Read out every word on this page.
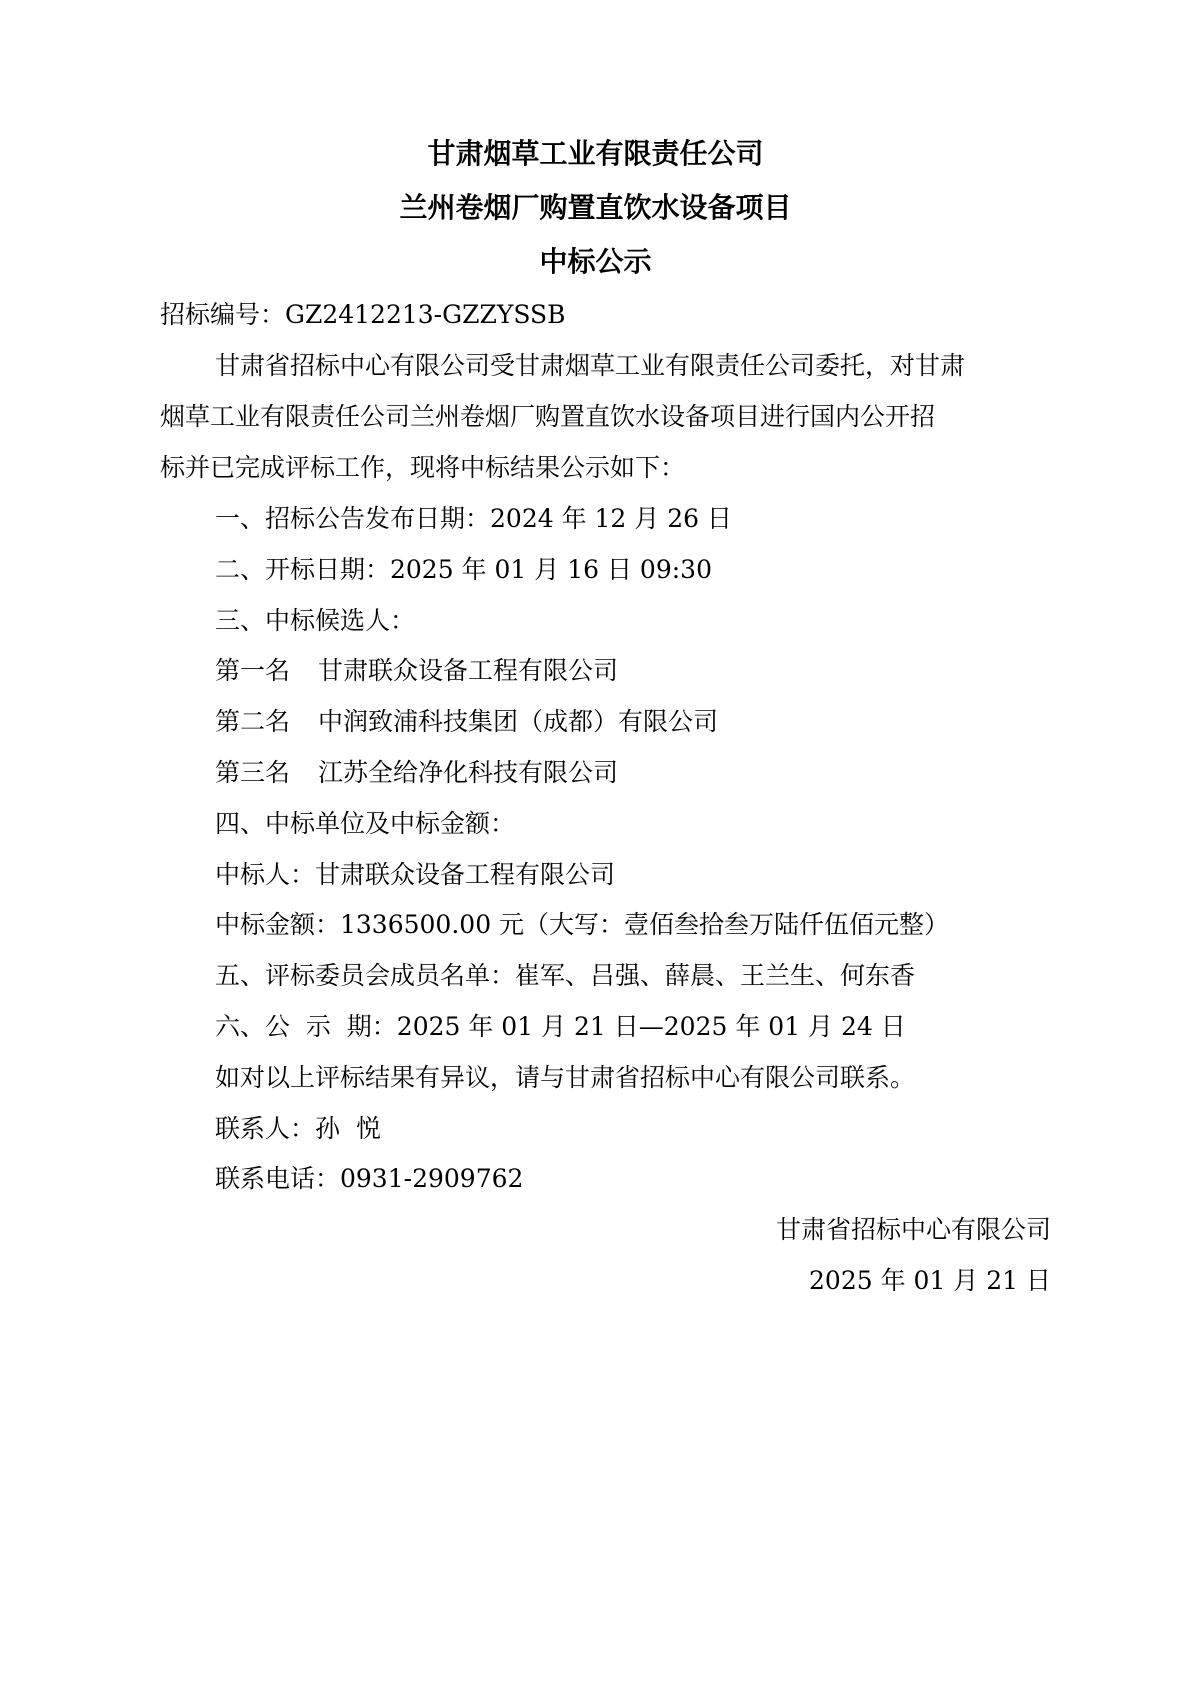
甘肃烟草工业有限责任公司
兰州卷烟厂购置直饮水设备项目
中标公示
招标编号：GZ2412213-GZZYSSB
甘肃省招标中心有限公司受甘肃烟草工业有限责任公司委托，对甘肃
烟草工业有限责任公司兰州卷烟厂购置直饮水设备项目进行国内公开招
标并已完成评标工作，现将中标结果公示如下：
一、招标公告发布日期：2024 年 12 月 26 日
二、开标日期：2025 年 01 月 16 日 09:30
三、中标候选人：
第一名 甘肃联众设备工程有限公司
第二名 中润致浦科技集团（成都）有限公司
第三名 江苏全给净化科技有限公司
四、中标单位及中标金额：
中标人：甘肃联众设备工程有限公司
中标金额：1336500.00 元（大写：壹佰叁拾叁万陆仟伍佰元整）
五、评标委员会成员名单：崔军、吕强、薛晨、王兰生、何东香
六、公  示  期：2025 年 01 月 21 日—2025 年 01 月 24 日
如对以上评标结果有异议，请与甘肃省招标中心有限公司联系。
联系人：孙  悦
联系电话：0931-2909762
甘肃省招标中心有限公司
2025 年 01 月 21 日
